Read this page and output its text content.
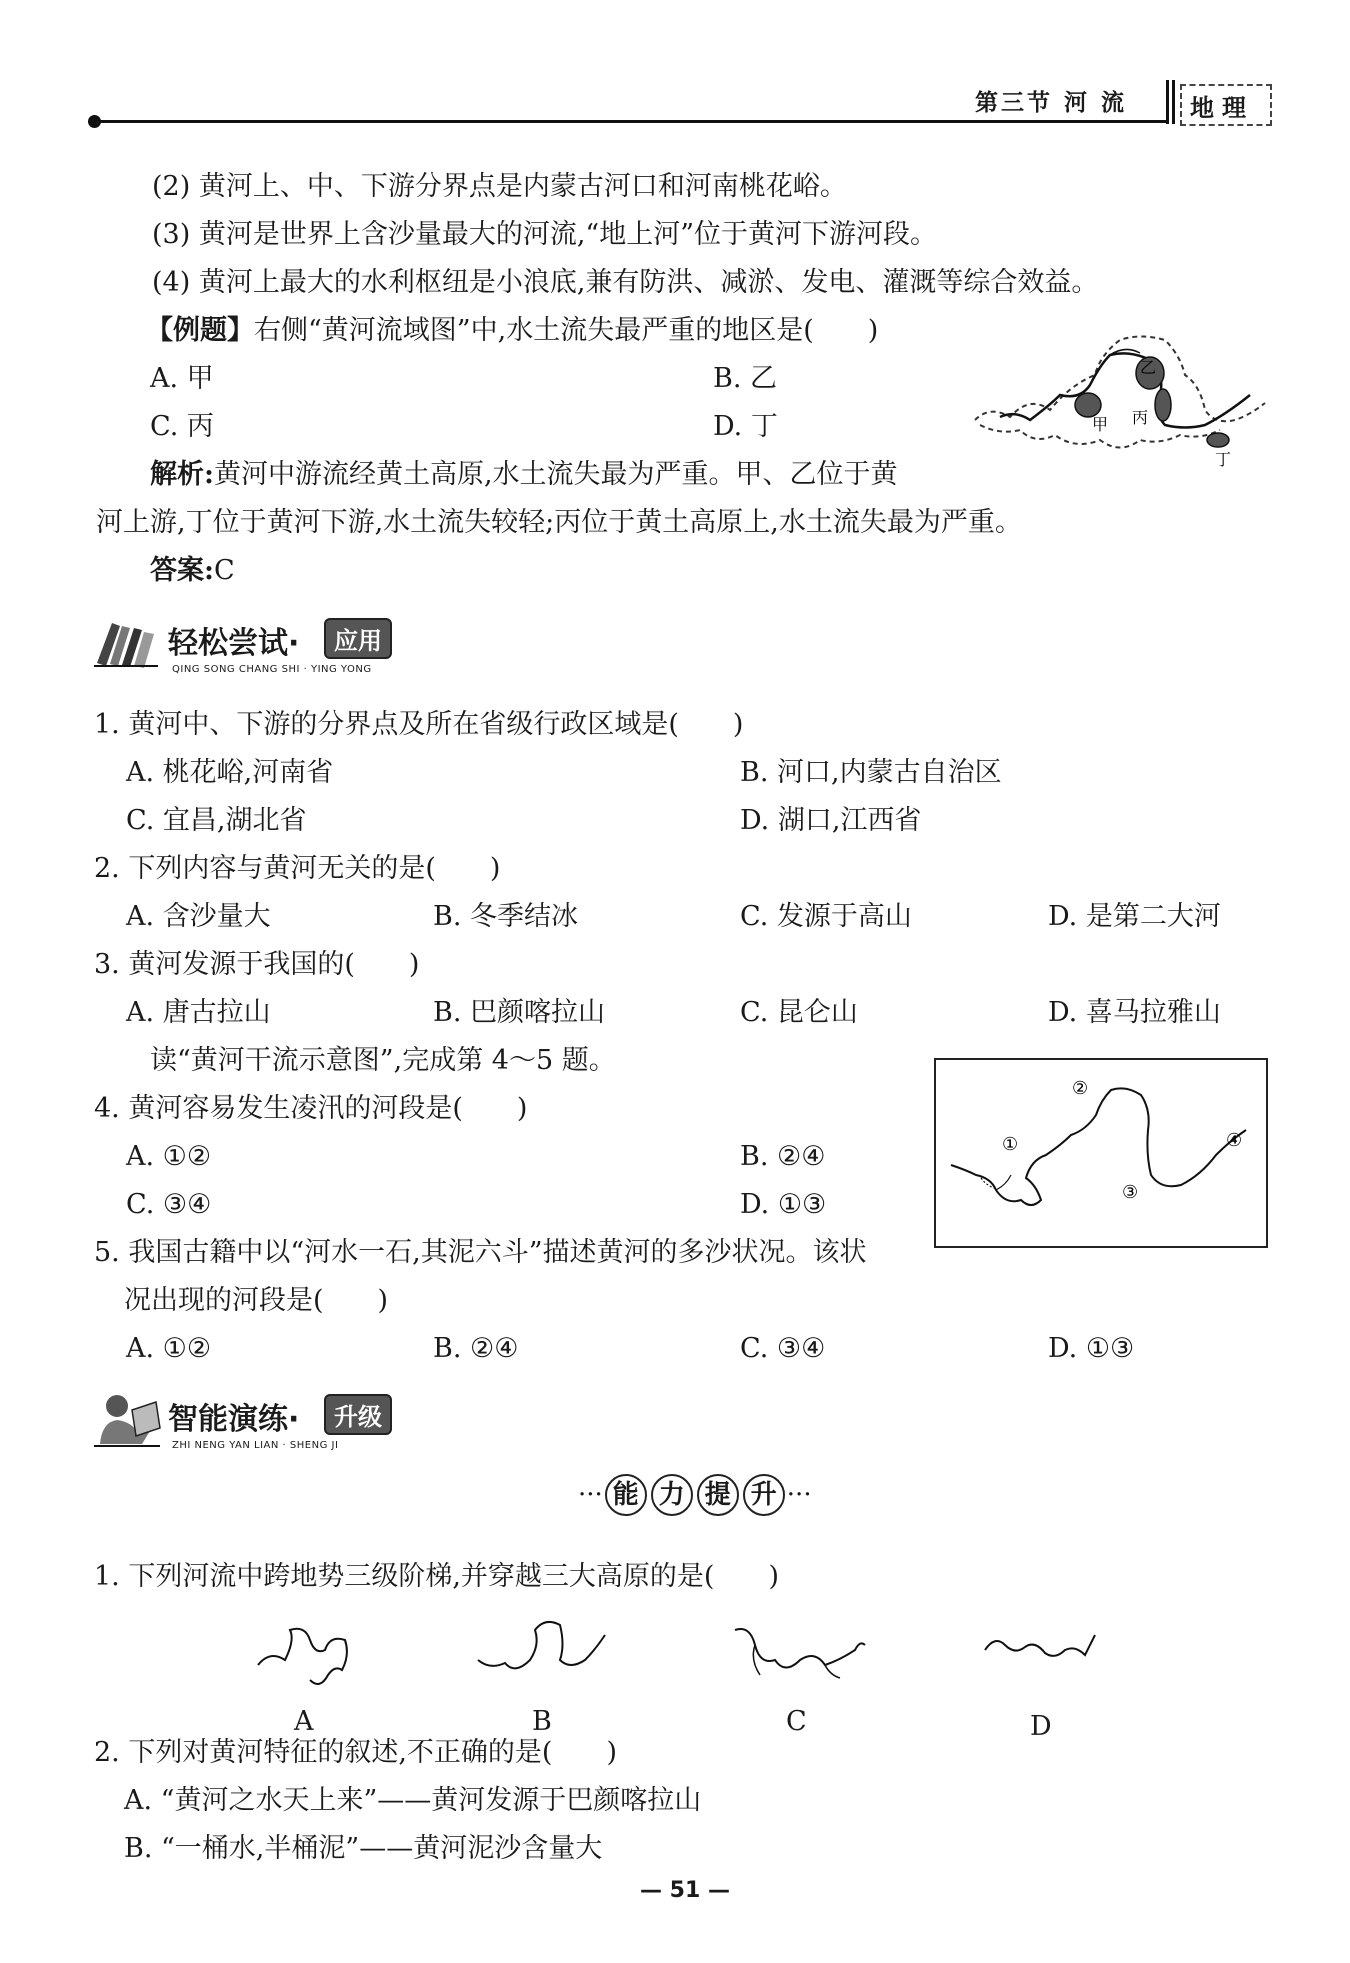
第三节 河 流	地 理
(2) 黄河上、中、下游分界点是内蒙古河口和河南桃花峪。
(3) 黄河是世界上含沙量最大的河流,“地上河”位于黄河下游河段。
(4) 黄河上最大的水利枢纽是小浪底,兼有防洪、减淤、发电、灌溉等综合效益。
【例题】右侧“黄河流域图”中,水土流失最严重的地区是(　　)
A. 甲	B. 乙
C. 丙	D. 丁
乙
丙
甲
丁
解析:黄河中游流经黄土高原,水土流失最为严重。甲、乙位于黄
河上游,丁位于黄河下游,水土流失较轻;丙位于黄土高原上,水土流失最为严重。
答案:C
轻松尝试·	应用
QING SONG CHANG SHI · YING YONG
1. 黄河中、下游的分界点及所在省级行政区域是(　　)
A. 桃花峪,河南省	B. 河口,内蒙古自治区
C. 宜昌,湖北省	D. 湖口,江西省
2. 下列内容与黄河无关的是(　　)
A. 含沙量大	B. 冬季结冰	C. 发源于高山	D. 是第二大河
3. 黄河发源于我国的(　　)
A. 唐古拉山	B. 巴颜喀拉山	C. 昆仑山	D. 喜马拉雅山
读“黄河干流示意图”,完成第 4～5 题。
②
①	④
③
4. 黄河容易发生凌汛的河段是(　　)
A. ①②	B. ②④
C. ③④	D. ①③
5. 我国古籍中以“河水一石,其泥六斗”描述黄河的多沙状况。该状
况出现的河段是(　　)
A. ①②	B. ②④	C. ③④	D. ①③
智能演练·	升级
ZHI NENG YAN LIAN · SHENG JI
··· 能 力 提 升 ···
1. 下列河流中跨地势三级阶梯,并穿越三大高原的是(　　)
A	B	C	D
2. 下列对黄河特征的叙述,不正确的是(　　)
A. “黄河之水天上来”——黄河发源于巴颜喀拉山
B. “一桶水,半桶泥”——黄河泥沙含量大
— 51 —
